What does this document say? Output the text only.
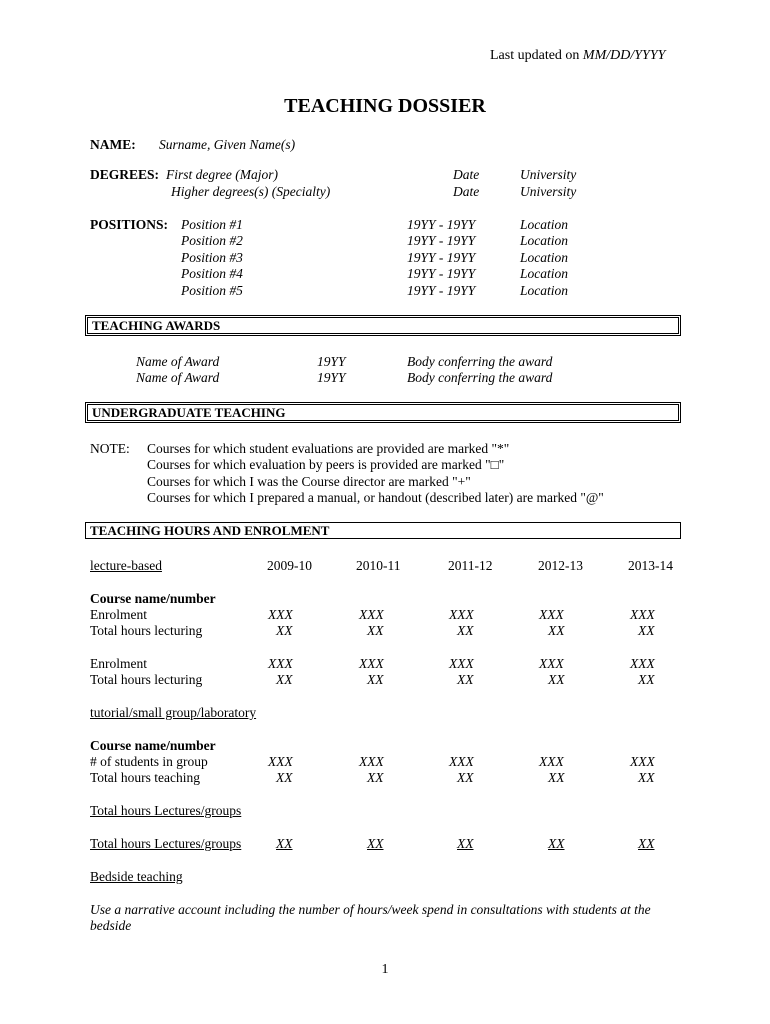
Last updated on MM/DD/YYYY
TEACHING DOSSIER
NAME: Surname, Given Name(s)
DEGREES: First degree (Major)	Date	University
Higher degrees(s) (Specialty)	Date	University
POSITIONS: Position #1	19YY - 19YY	Location
Position #2	19YY - 19YY	Location
Position #3	19YY - 19YY	Location
Position #4	19YY - 19YY	Location
Position #5	19YY - 19YY	Location
TEACHING AWARDS
Name of Award	19YY	Body conferring the award
Name of Award	19YY	Body conferring the award
UNDERGRADUATE TEACHING
NOTE: Courses for which student evaluations are provided are marked "*"
Courses for which evaluation by peers is provided are marked "□"
Courses for which I was the Course director are marked "+"
Courses for which I prepared a manual, or handout (described later) are marked "@"
TEACHING HOURS AND ENROLMENT
lecture-based	2009-10	2010-11	2011-12	2012-13	2013-14
Course name/number
Enrolment	XXX	XXX	XXX	XXX	XXX
Total hours lecturing	XX	XX	XX	XX	XX
Enrolment	XXX	XXX	XXX	XXX	XXX
Total hours lecturing	XX	XX	XX	XX	XX
tutorial/small group/laboratory
Course name/number
# of students in group	XXX	XXX	XXX	XXX	XXX
Total hours teaching	XX	XX	XX	XX	XX
Total hours Lectures/groups
Total hours Lectures/groups	XX	XX	XX	XX	XX
Bedside teaching
Use a narrative account including the number of hours/week spend in consultations with students at the
bedside
1
